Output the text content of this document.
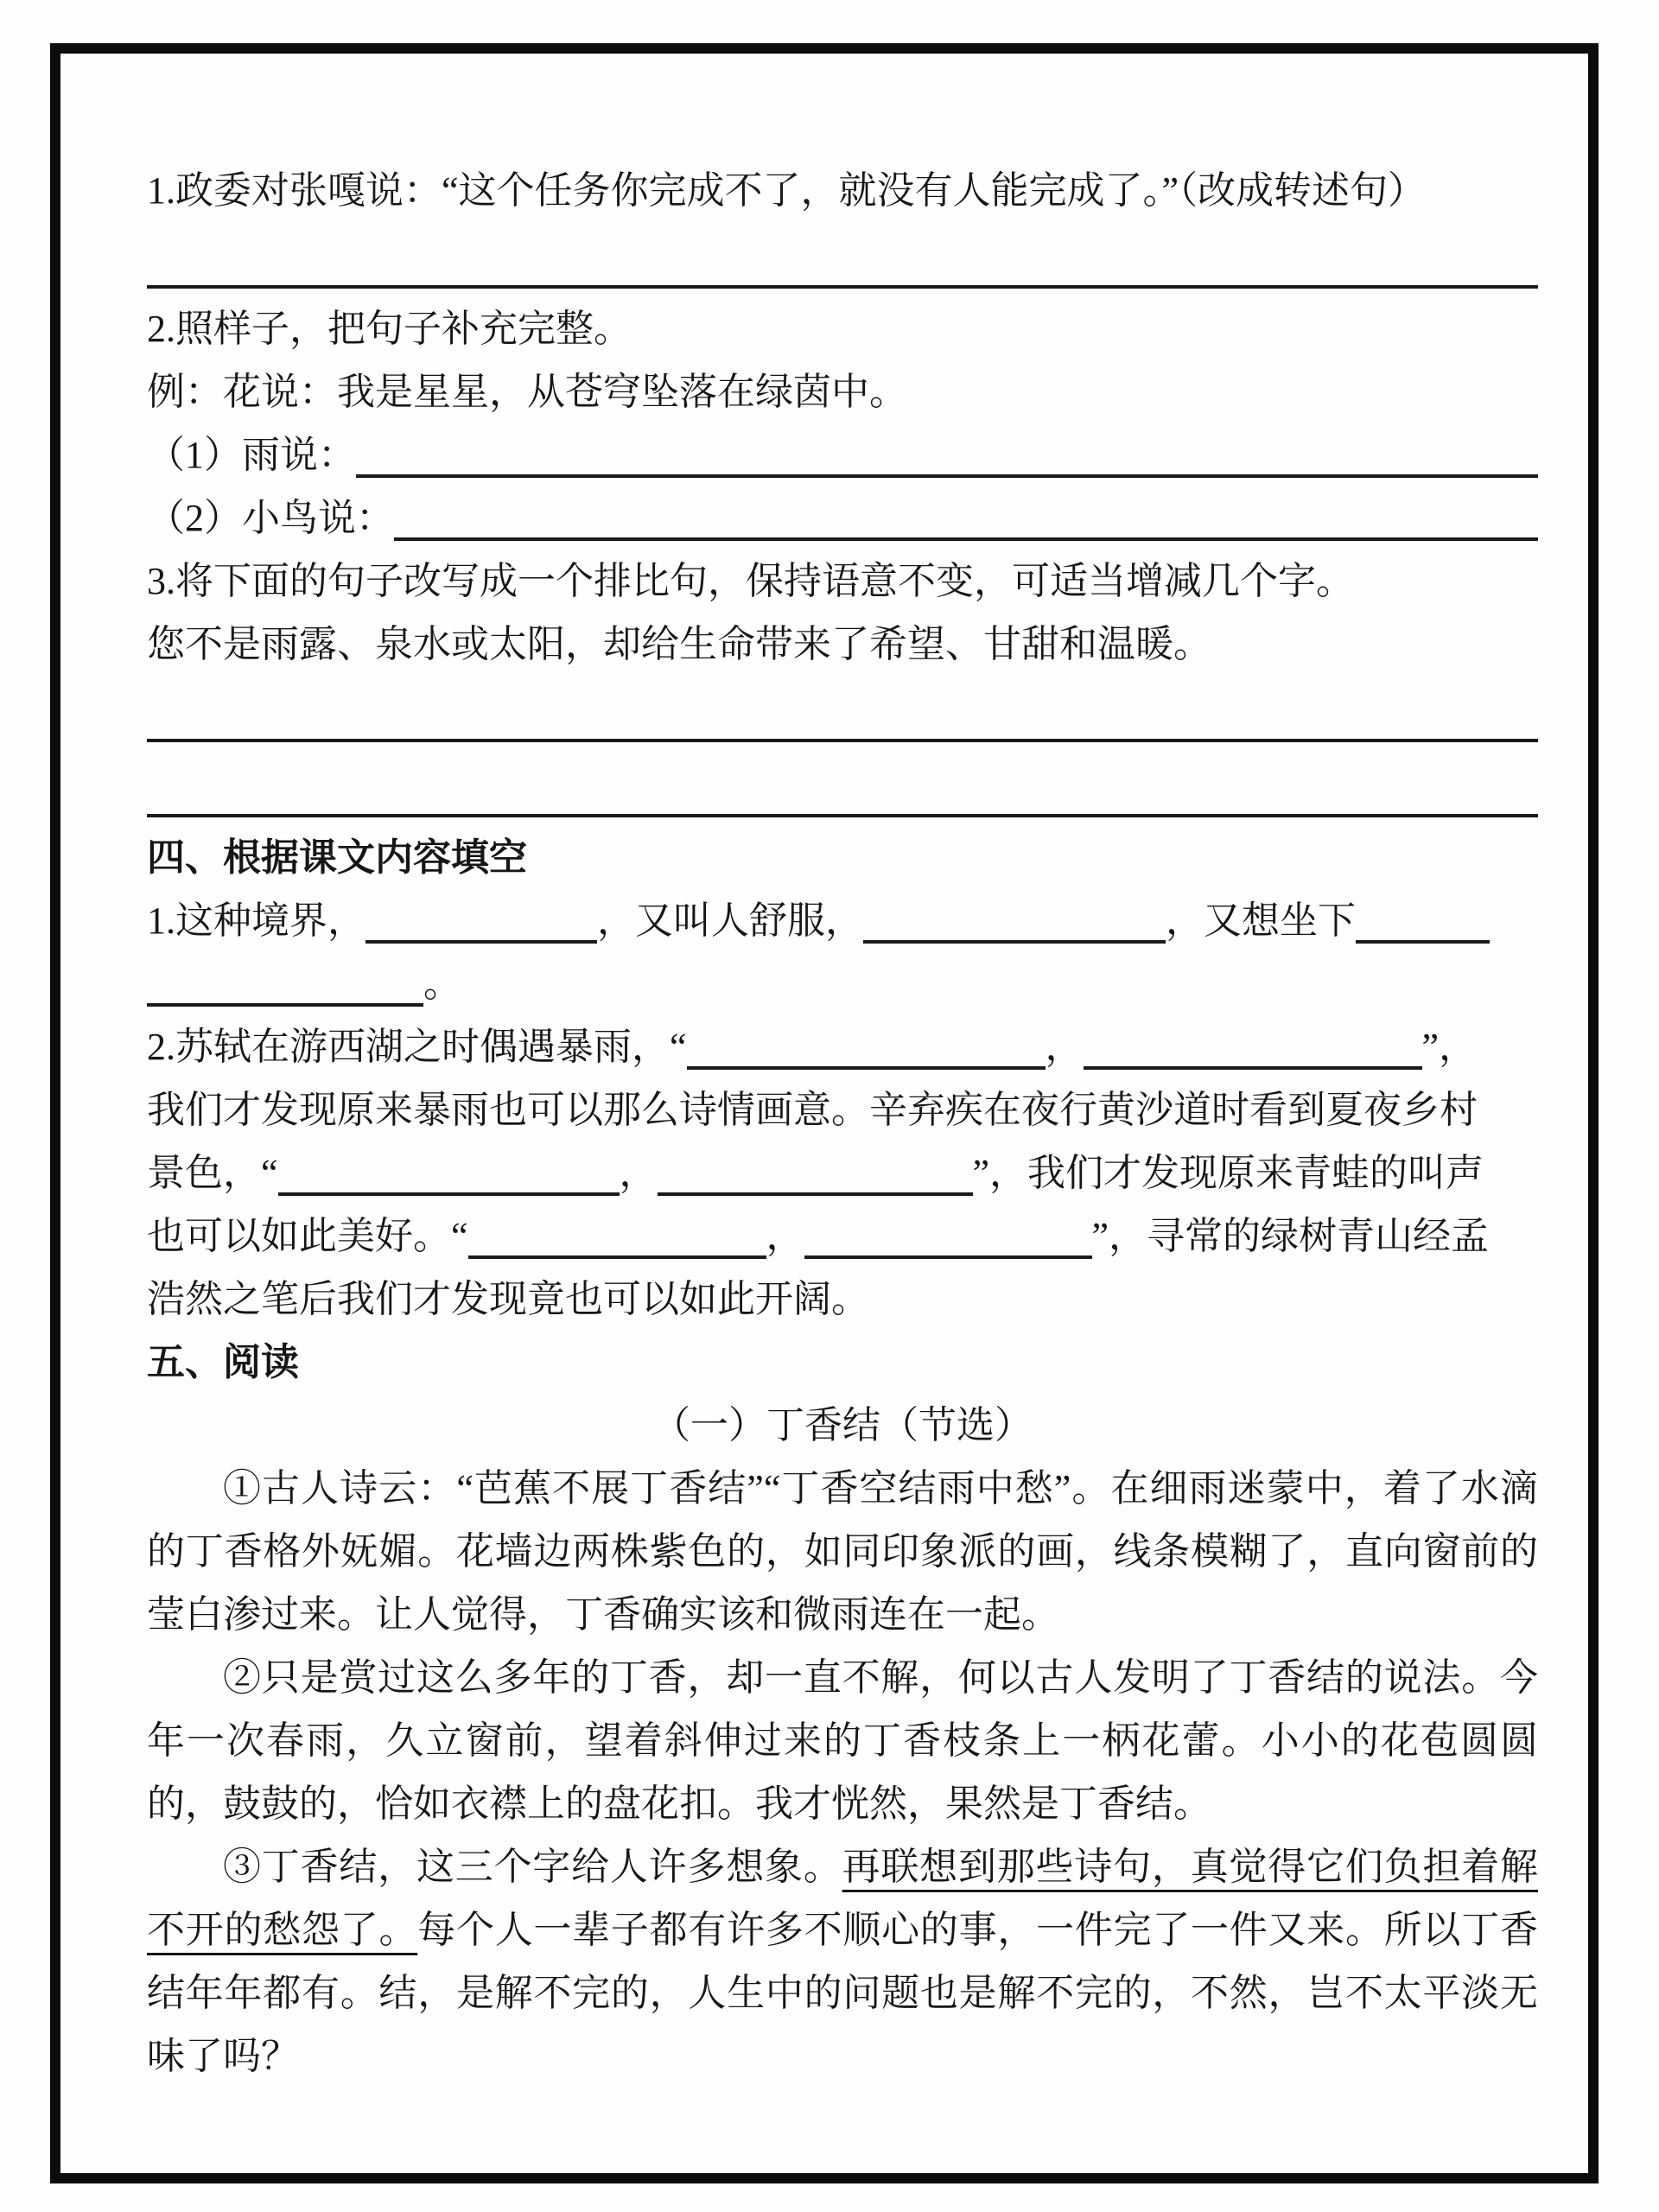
1.政委对张嘎说：“这个任务你完成不了，就没有人能完成了。”（改成转述句）
2.照样子，把句子补充完整。
例：花说：我是星星，从苍穹坠落在绿茵中。
（1）雨说：
（2）小鸟说：
3.将下面的句子改写成一个排比句，保持语意不变，可适当增减几个字。
您不是雨露、泉水或太阳，却给生命带来了希望、甘甜和温暖。
四、根据课文内容填空
1.这种境界，	，又叫人舒服，	，又想坐下
。
2.苏轼在游西湖之时偶遇暴雨，“	，	”，
我们才发现原来暴雨也可以那么诗情画意。辛弃疾在夜行黄沙道时看到夏夜乡村
景色，“	，	”，我们才发现原来青蛙的叫声
也可以如此美好。“	，	”，寻常的绿树青山经孟
浩然之笔后我们才发现竟也可以如此开阔。
五、阅读
（一）丁香结（节选）
①古人诗云：“芭蕉不展丁香结”“丁香空结雨中愁”。在细雨迷蒙中，着了水滴的丁香格外妩媚。花墙边两株紫色的，如同印象派的画，线条模糊了，直向窗前的莹白渗过来。让人觉得，丁香确实该和微雨连在一起。
②只是赏过这么多年的丁香，却一直不解，何以古人发明了丁香结的说法。今年一次春雨，久立窗前，望着斜伸过来的丁香枝条上一柄花蕾。小小的花苞圆圆的，鼓鼓的，恰如衣襟上的盘花扣。我才恍然，果然是丁香结。
③丁香结，这三个字给人许多想象。再联想到那些诗句，真觉得它们负担着解不开的愁怨了。每个人一辈子都有许多不顺心的事，一件完了一件又来。所以丁香结年年都有。结，是解不完的，人生中的问题也是解不完的，不然，岂不太平淡无味了吗？
